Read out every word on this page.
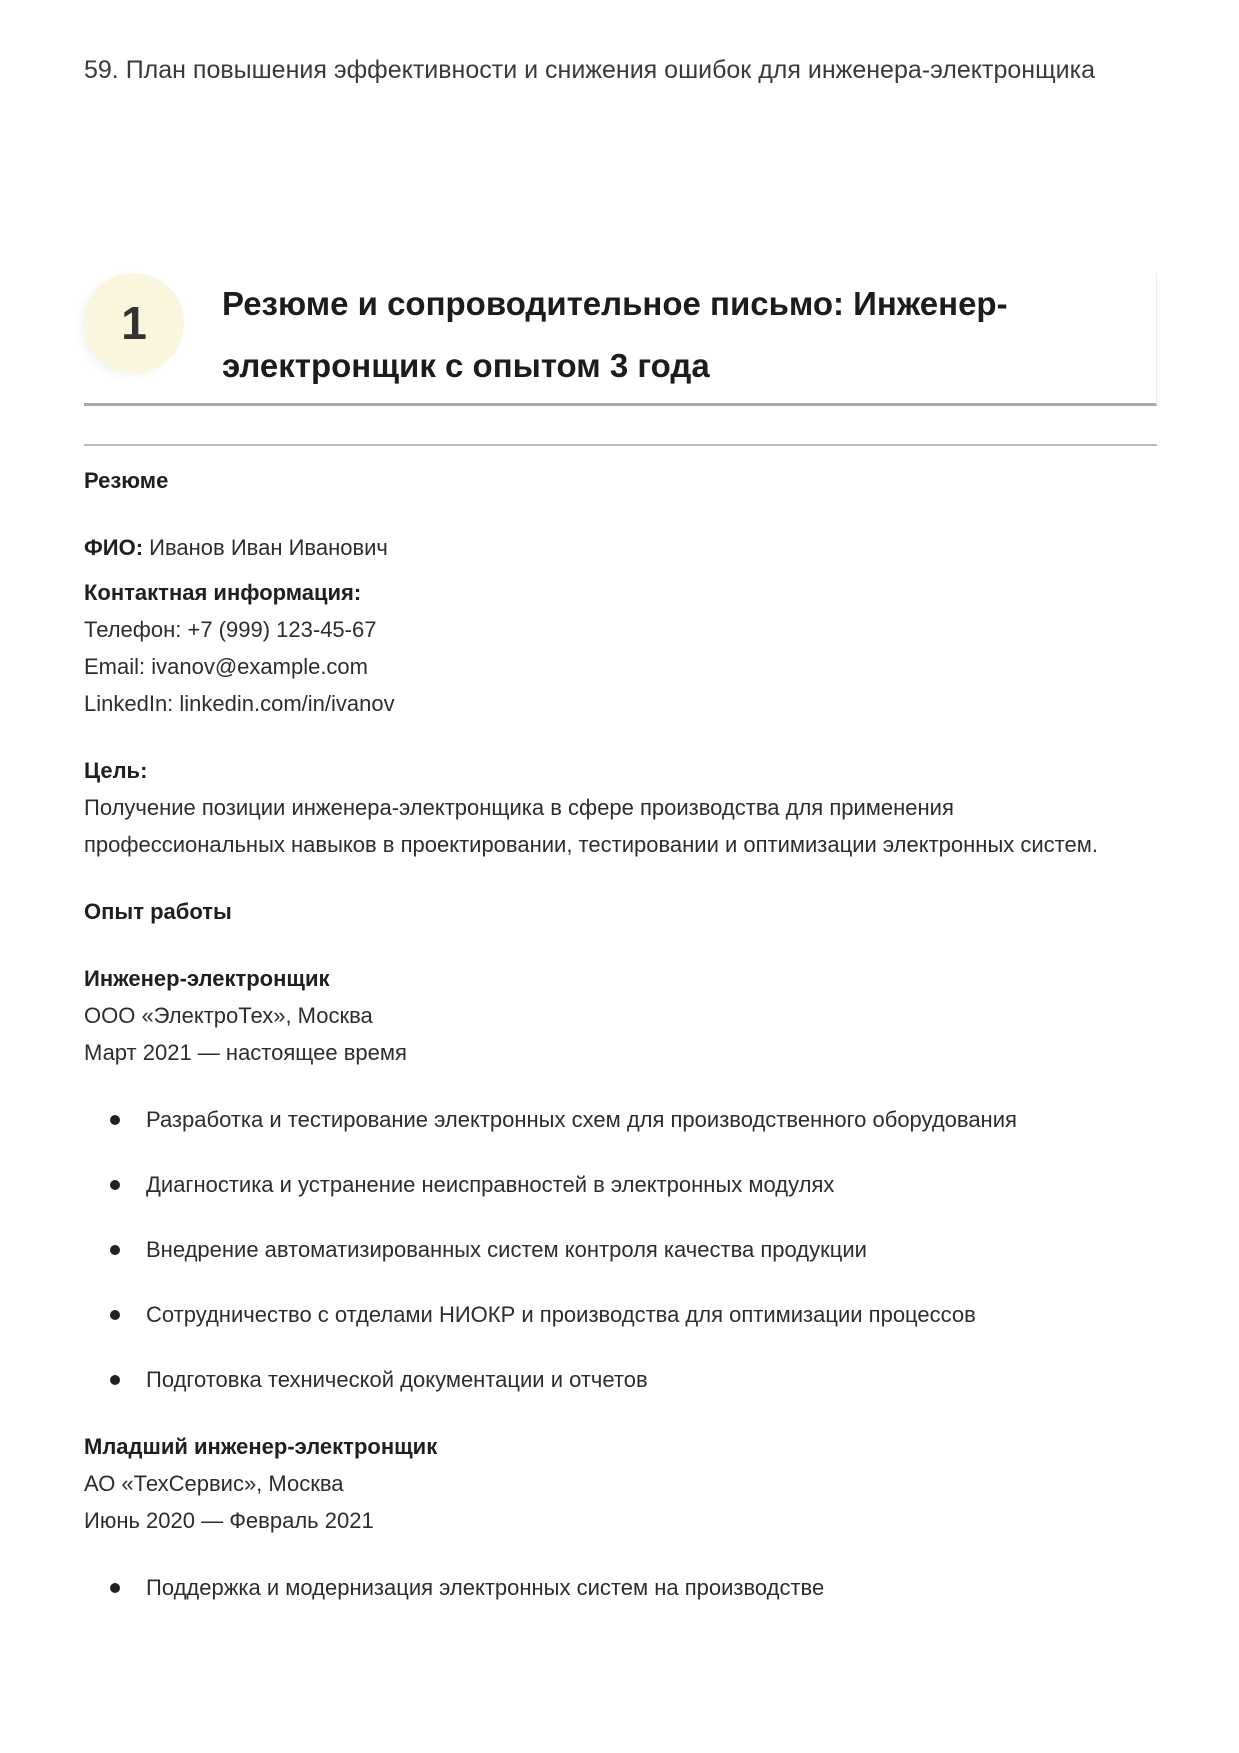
59. План повышения эффективности и снижения ошибок для инженера-электронщика

1 Резюме и сопроводительное письмо: Инженер-электронщик с опытом 3 года
Резюме

ФИО: Иванов Иван Иванович

Контактная информация:
Телефон: +7 (999) 123-45-67
Email: ivanov@example.com
LinkedIn: linkedin.com/in/ivanov

Цель:
Получение позиции инженера-электронщика в сфере производства для применения профессиональных навыков в проектировании, тестировании и оптимизации электронных систем.

Опыт работы

Инженер-электронщик
ООО «ЭлектроТех», Москва
Март 2021 — настоящее время

Разработка и тестирование электронных схем для производственного оборудования
Диагностика и устранение неисправностей в электронных модулях
Внедрение автоматизированных систем контроля качества продукции
Сотрудничество с отделами НИОКР и производства для оптимизации процессов
Подготовка технической документации и отчетов

Младший инженер-электронщик
АО «ТехСервис», Москва
Июнь 2020 — Февраль 2021

Поддержка и модернизация электронных систем на производстве
